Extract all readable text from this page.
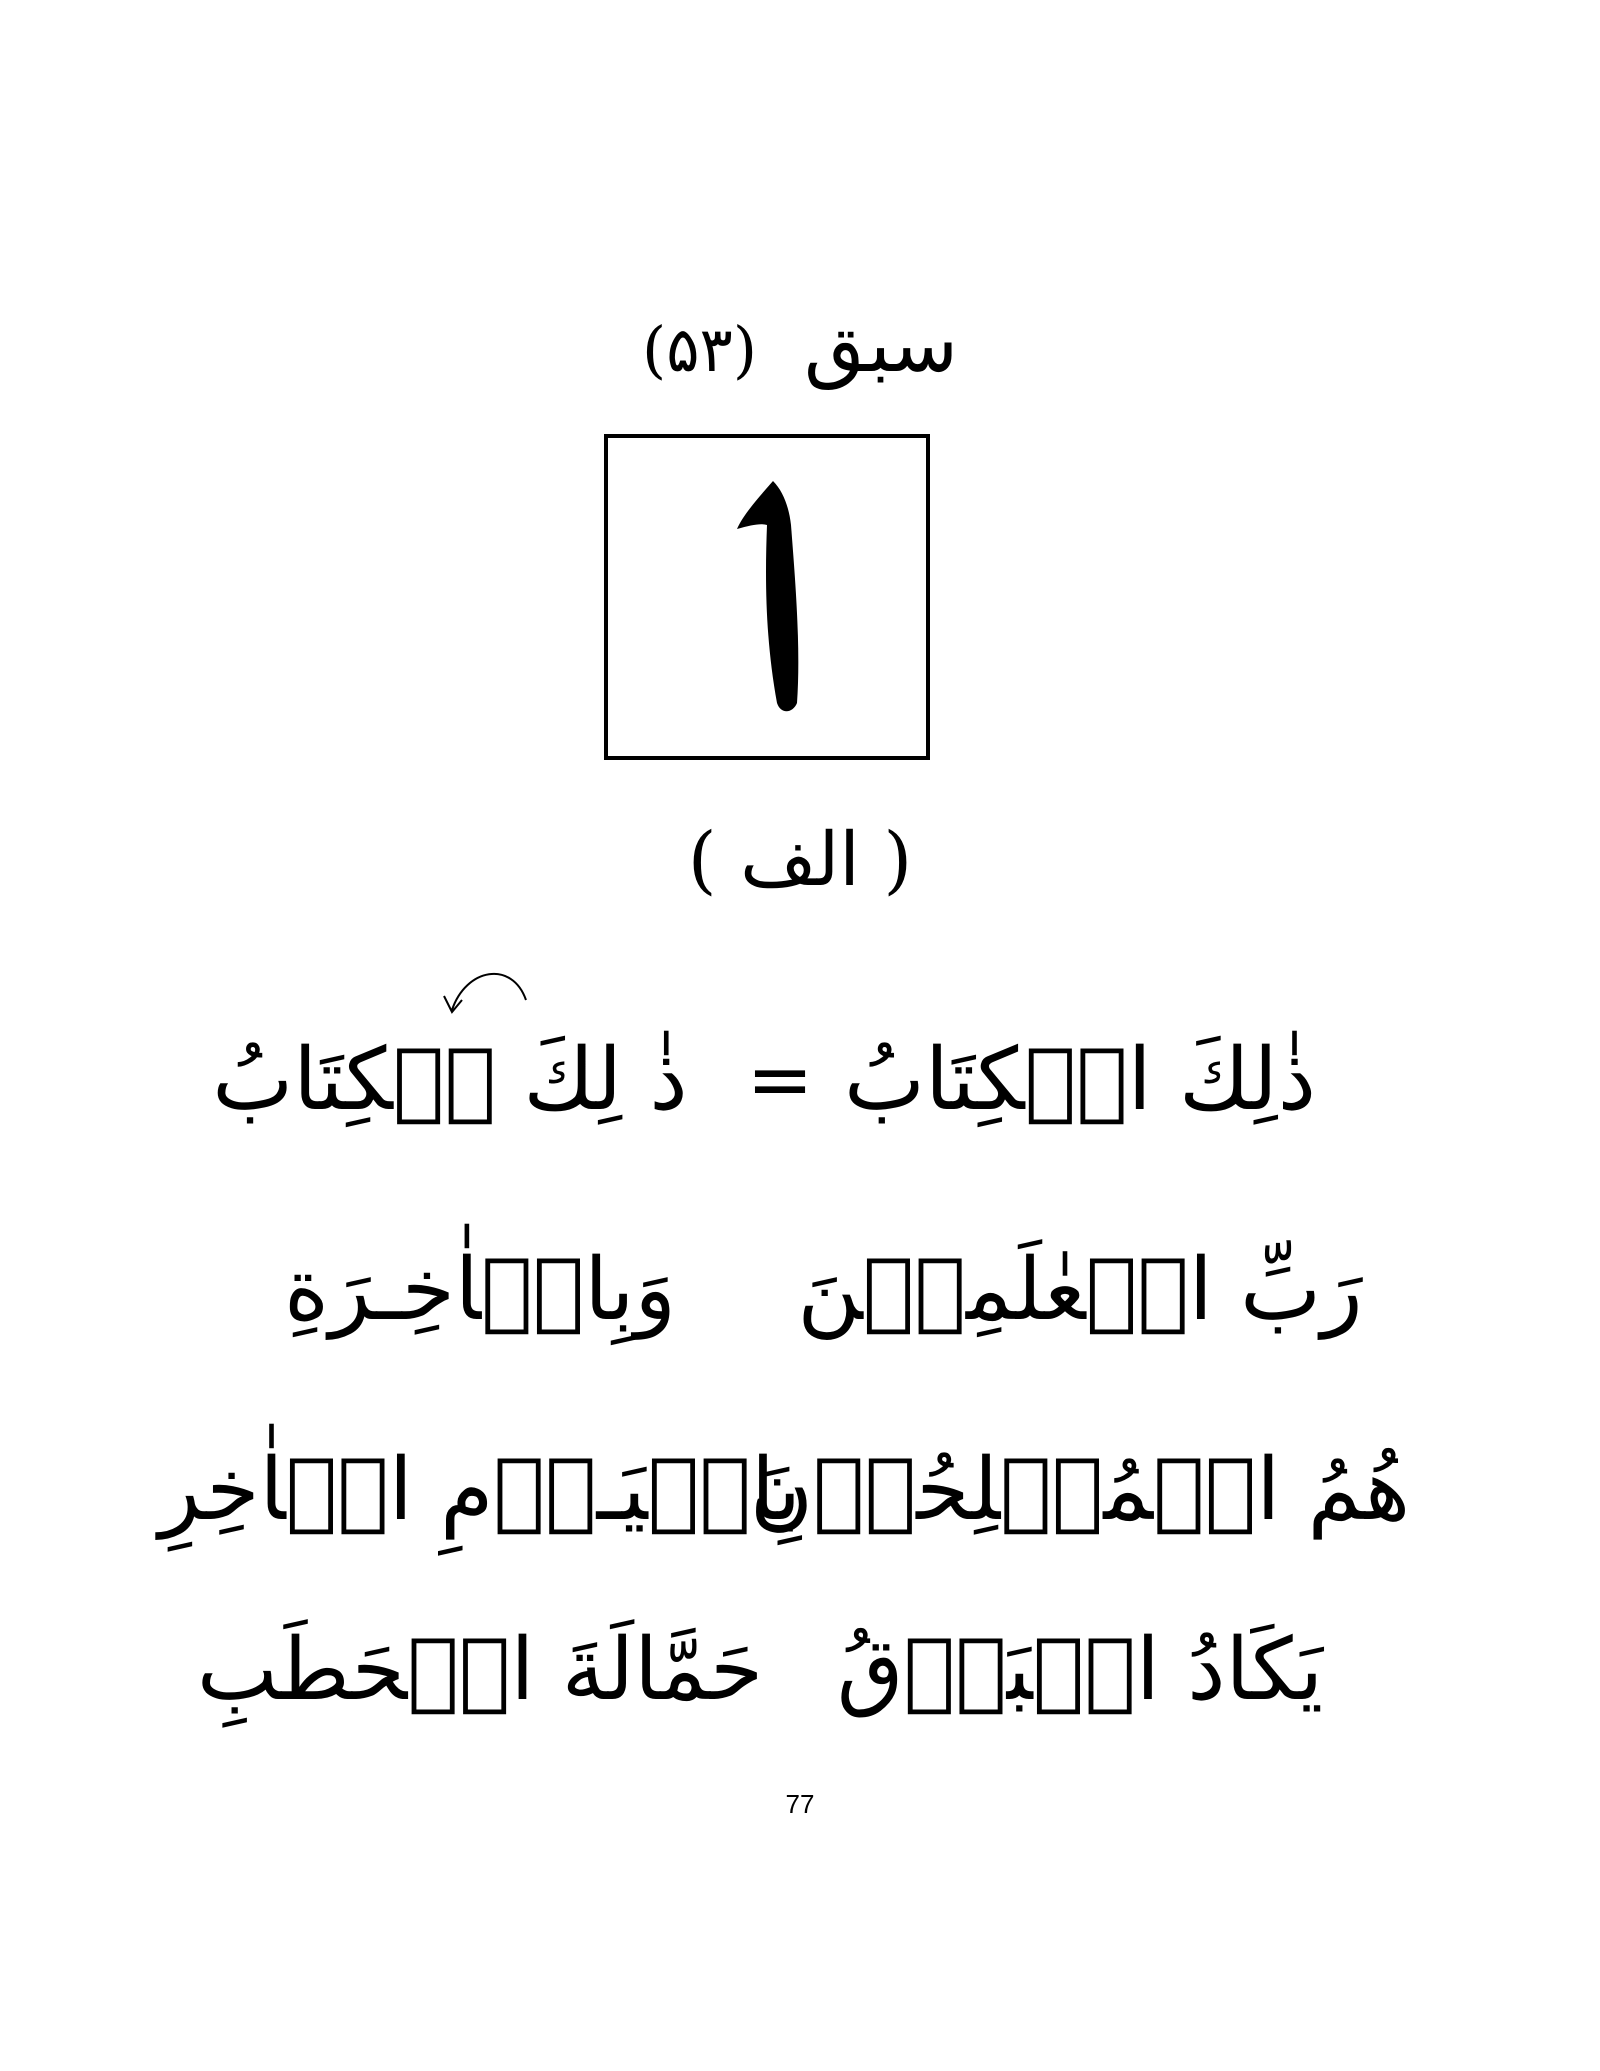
سبق (۵۳)
( الف )
ذٰلِكَ الۡكِتَابُ
=
ذٰ لِكَ لۡكِتَابُ
رَبِّ الۡعٰلَمِيۡنَ
وَبِالۡاٰخِـرَةِ
هُمُ الۡمُفۡلِحُوۡنَ
بِالۡيَـوۡمِ الۡاٰخِرِ
يَكَادُ الۡبَرۡقُ
حَمَّالَةَ الۡحَطَبِ
77
